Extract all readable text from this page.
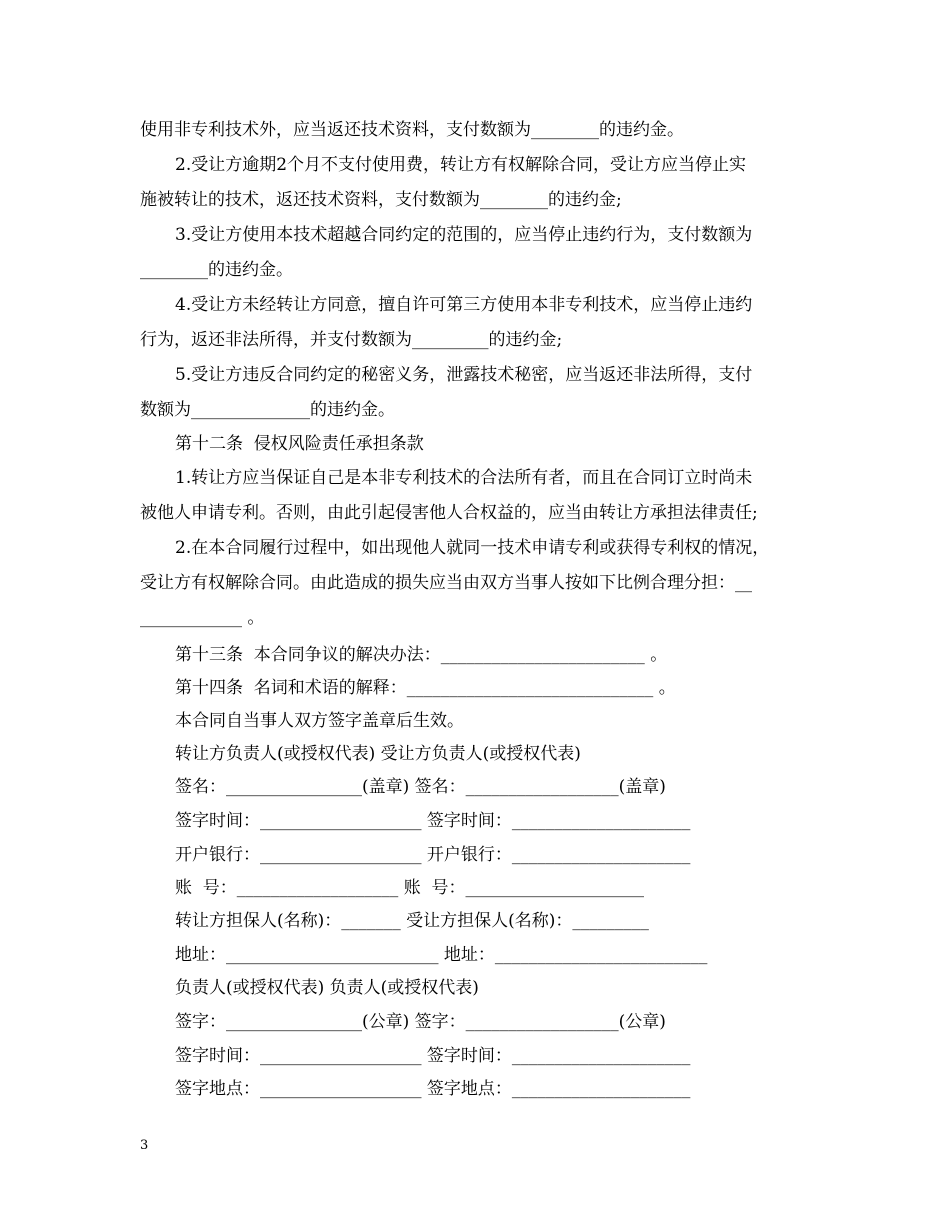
使用非专利技术外，应当返还技术资料，支付数额为________的违约金。
2.受让方逾期2个月不支付使用费，转让方有权解除合同，受让方应当停止实
施被转让的技术，返还技术资料，支付数额为________的违约金;
3.受让方使用本技术超越合同约定的范围的，应当停止违约行为，支付数额为
________的违约金。
4.受让方未经转让方同意，擅自许可第三方使用本非专利技术，应当停止违约
行为，返还非法所得，并支付数额为_________的违约金;
5.受让方违反合同约定的秘密义务，泄露技术秘密，应当返还非法所得，支付
数额为______________的违约金。
第十二条  侵权风险责任承担条款
1.转让方应当保证自己是本非专利技术的合法所有者，而且在合同订立时尚未
被他人申请专利。否则，由此引起侵害他人合权益的，应当由转让方承担法律责任;
2.在本合同履行过程中，如出现他人就同一技术申请专利或获得专利权的情况，
受让方有权解除合同。由此造成的损失应当由双方当事人按如下比例合理分担：__
____________ 。
第十三条  本合同争议的解决办法：________________________ 。
第十四条  名词和术语的解释：_____________________________ 。
本合同自当事人双方签字盖章后生效。
转让方负责人(或授权代表) 受让方负责人(或授权代表)
签名：________________(盖章) 签名：__________________(盖章)
签字时间：___________________ 签字时间：_____________________
开户银行：___________________ 开户银行：_____________________
账  号：___________________ 账  号：_____________________
转让方担保人(名称)：_______ 受让方担保人(名称)：_________
地址：_________________________ 地址：_________________________
负责人(或授权代表) 负责人(或授权代表)
签字：________________(公章) 签字：__________________(公章)
签字时间：___________________ 签字时间：_____________________
签字地点：___________________ 签字地点：_____________________
3
